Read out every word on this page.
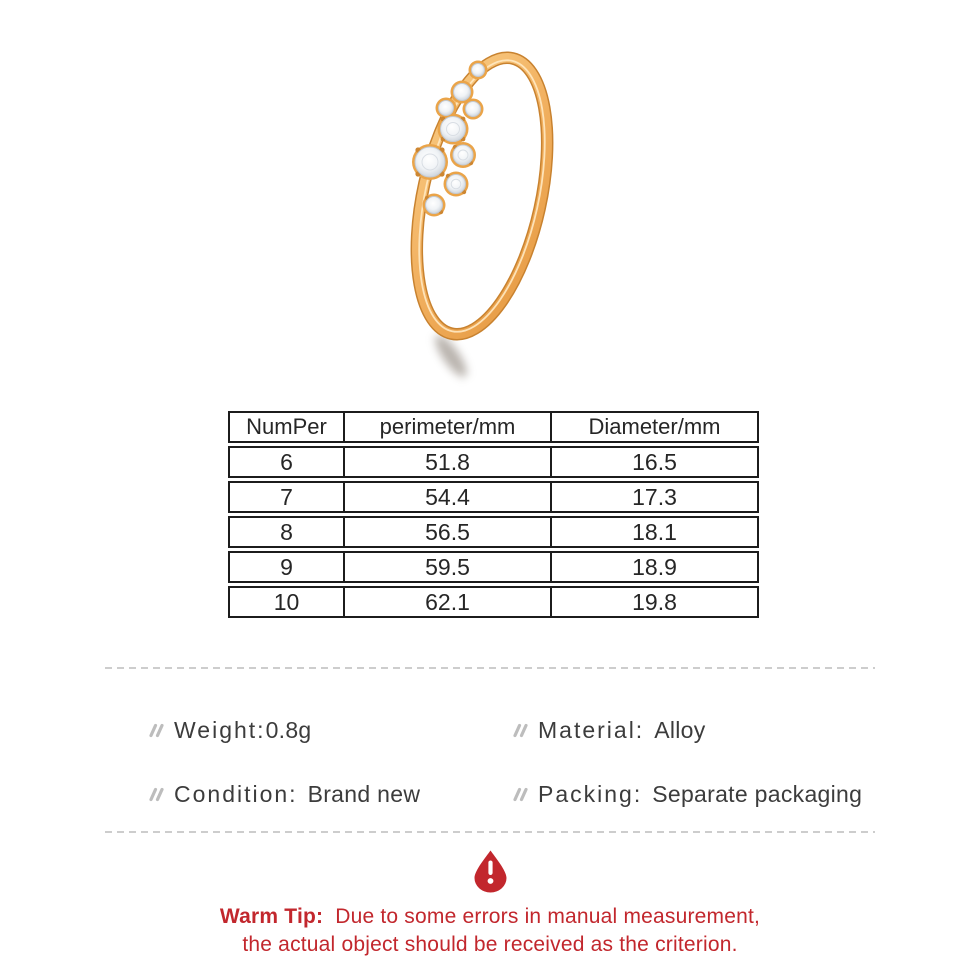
NumPer	perimeter/mm	Diameter/mm
6	51.8	16.5
7	54.4	17.3
8	56.5	18.1
9	59.5	18.9
10	62.1	19.8
Weight: 0.8g	Material: Alloy
Condition: Brand new	Packing: Separate packaging
Warm Tip: Due to some errors in manual measurement,
the actual object should be received as the criterion.
